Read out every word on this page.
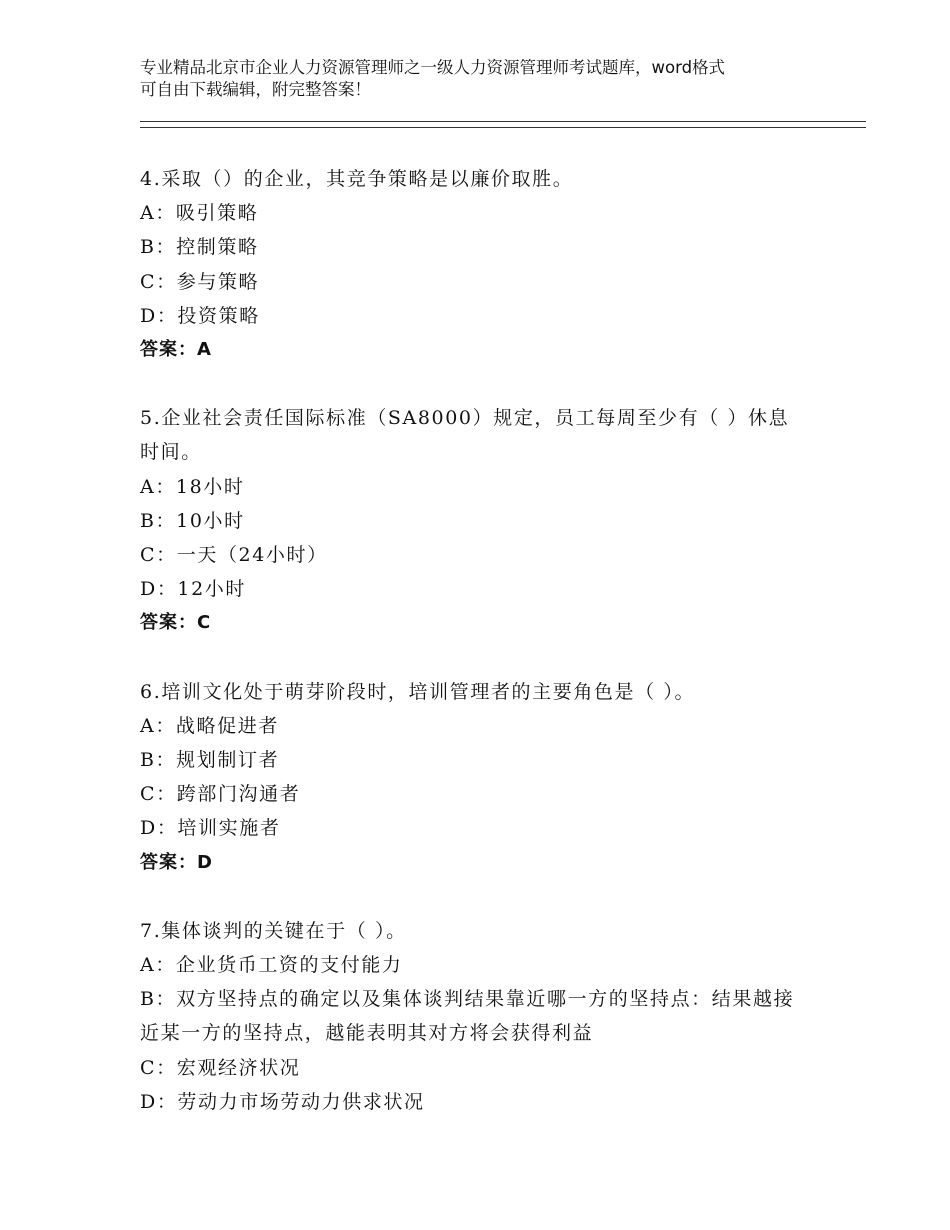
专业精品北京市企业人力资源管理师之一级人力资源管理师考试题库，word格式
可自由下载编辑，附完整答案！
4.采取（）的企业，其竞争策略是以廉价取胜。
A：吸引策略
B：控制策略
C：参与策略
D：投资策略
答案：A
5.企业社会责任国际标准（SA8000）规定，员工每周至少有（ ）休息时间。
A：18小时
B：10小时
C：一天（24小时）
D：12小时
答案：C
6.培训文化处于萌芽阶段时，培训管理者的主要角色是（ ）。
A：战略促进者
B：规划制订者
C：跨部门沟通者
D：培训实施者
答案：D
7.集体谈判的关键在于（ ）。
A：企业货币工资的支付能力
B：双方坚持点的确定以及集体谈判结果靠近哪一方的坚持点：结果越接近某一方的坚持点，越能表明其对方将会获得利益
C：宏观经济状况
D：劳动力市场劳动力供求状况
